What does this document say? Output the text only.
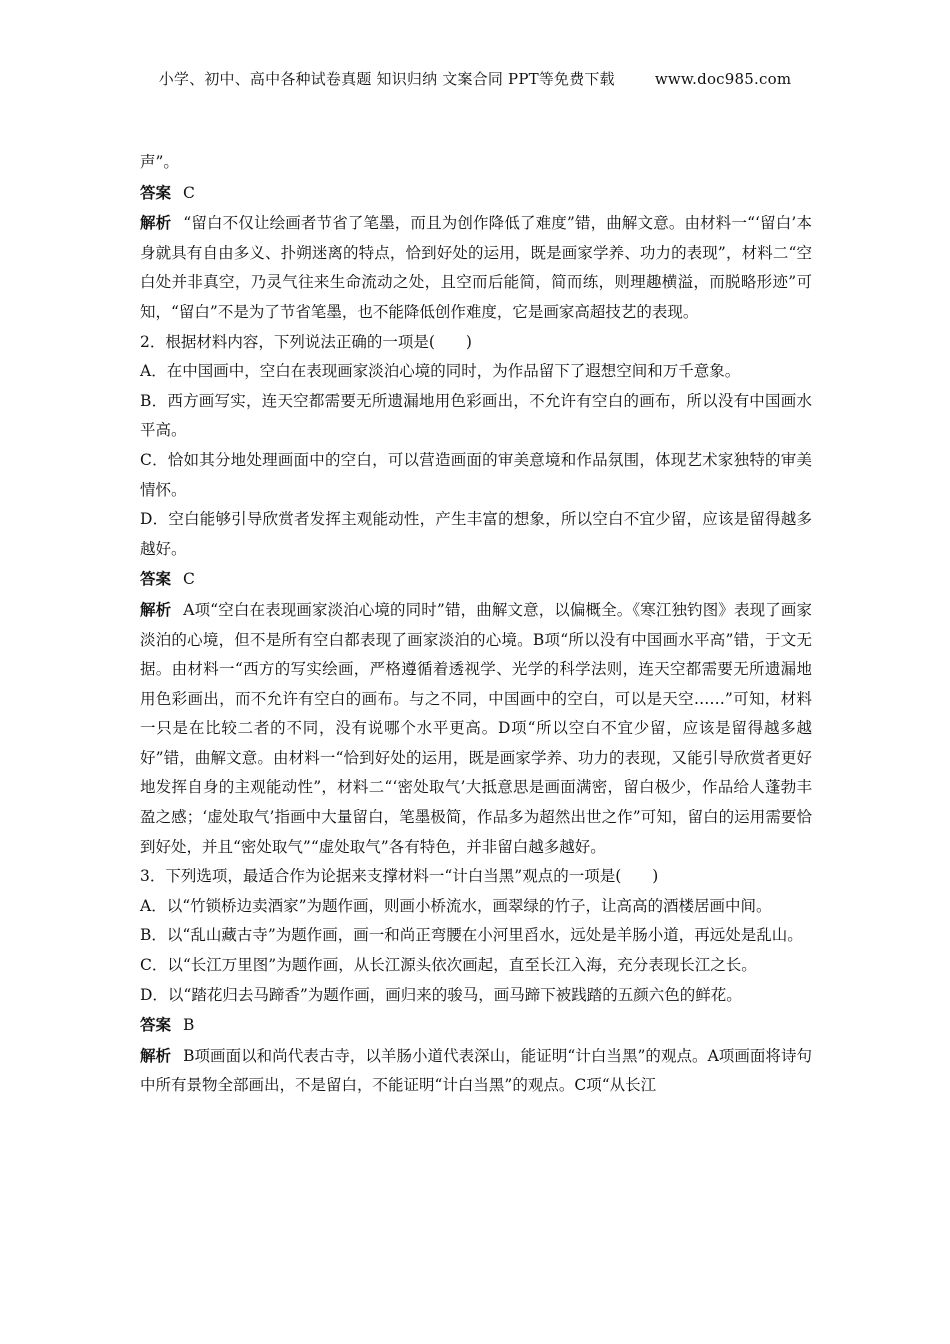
小学、初中、高中各种试卷真题 知识归纳 文案合同 PPT等免费下载	www.doc985.com

声”。

答案 C

解析 “留白不仅让绘画者节省了笔墨，而且为创作降低了难度”错，曲解文意。由材料一“‘留白’本身就具有自由多义、扑朔迷离的特点，恰到好处的运用，既是画家学养、功力的表现”，材料二“空白处并非真空，乃灵气往来生命流动之处，且空而后能简，简而练，则理趣横溢，而脱略形迹”可知，“留白”不是为了节省笔墨，也不能降低创作难度，它是画家高超技艺的表现。

2．根据材料内容，下列说法正确的一项是(　　)

A．在中国画中，空白在表现画家淡泊心境的同时，为作品留下了遐想空间和万千意象。

B．西方画写实，连天空都需要无所遗漏地用色彩画出，不允许有空白的画布，所以没有中国画水平高。

C．恰如其分地处理画面中的空白，可以营造画面的审美意境和作品氛围，体现艺术家独特的审美情怀。

D．空白能够引导欣赏者发挥主观能动性，产生丰富的想象，所以空白不宜少留，应该是留得越多越好。

答案 C

解析 A项“空白在表现画家淡泊心境的同时”错，曲解文意，以偏概全。《寒江独钓图》表现了画家淡泊的心境，但不是所有空白都表现了画家淡泊的心境。B项“所以没有中国画水平高”错，于文无据。由材料一“西方的写实绘画，严格遵循着透视学、光学的科学法则，连天空都需要无所遗漏地用色彩画出，而不允许有空白的画布。与之不同，中国画中的空白，可以是天空……”可知，材料一只是在比较二者的不同，没有说哪个水平更高。D项“所以空白不宜少留，应该是留得越多越好”错，曲解文意。由材料一“恰到好处的运用，既是画家学养、功力的表现，又能引导欣赏者更好地发挥自身的主观能动性”，材料二“‘密处取气’大抵意思是画面满密，留白极少，作品给人蓬勃丰盈之感；‘虚处取气’指画中大量留白，笔墨极简，作品多为超然出世之作”可知，留白的运用需要恰到好处，并且“密处取气”“虚处取气”各有特色，并非留白越多越好。

3．下列选项，最适合作为论据来支撑材料一“计白当黑”观点的一项是(　　)

A．以“竹锁桥边卖酒家”为题作画，则画小桥流水，画翠绿的竹子，让高高的酒楼居画中间。

B．以“乱山藏古寺”为题作画，画一和尚正弯腰在小河里舀水，远处是羊肠小道，再远处是乱山。

C．以“长江万里图”为题作画，从长江源头依次画起，直至长江入海，充分表现长江之长。

D．以“踏花归去马蹄香”为题作画，画归来的骏马，画马蹄下被践踏的五颜六色的鲜花。

答案 B

解析 B项画面以和尚代表古寺，以羊肠小道代表深山，能证明“计白当黑”的观点。A项画面将诗句中所有景物全部画出，不是留白，不能证明“计白当黑”的观点。C项“从长江
